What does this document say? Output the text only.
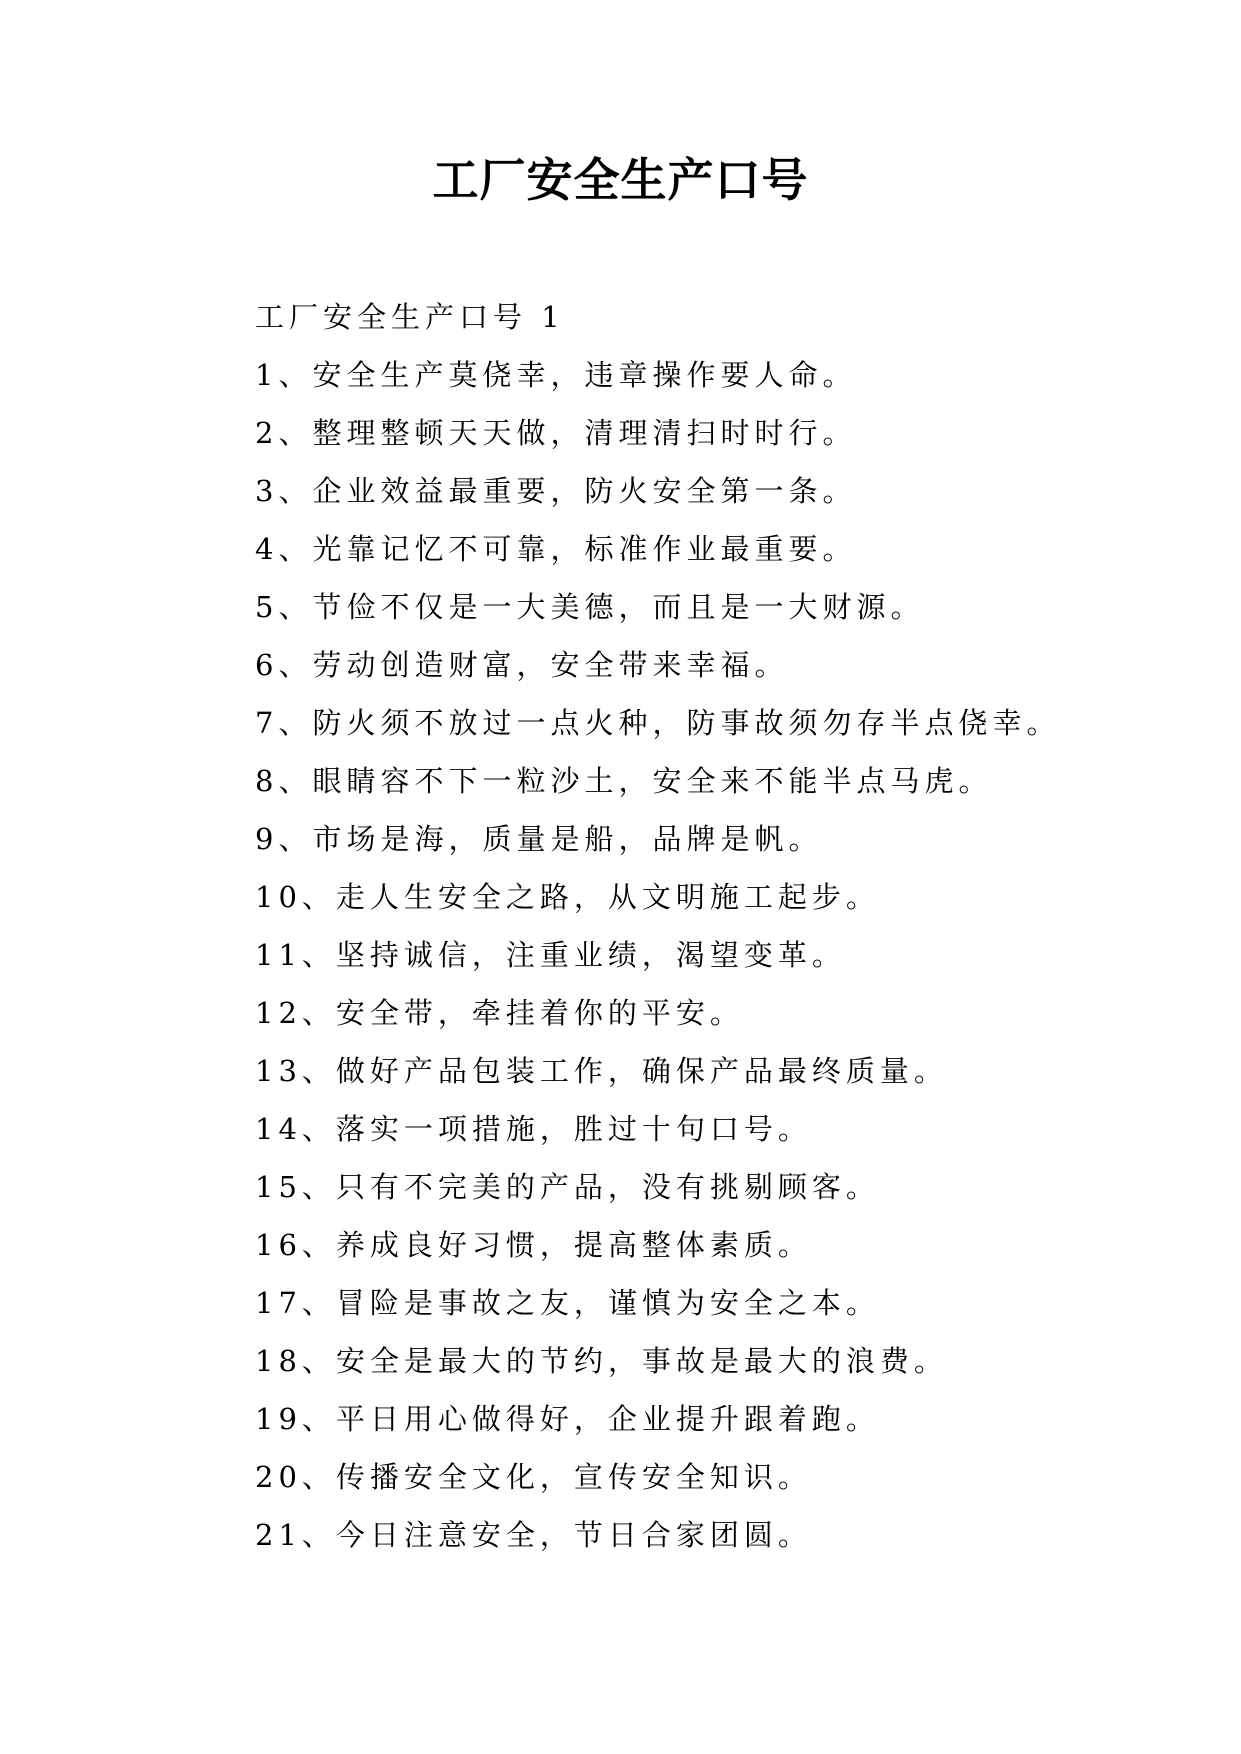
工厂安全生产口号
工厂安全生产口号 1
1、安全生产莫侥幸，违章操作要人命。
2、整理整顿天天做，清理清扫时时行。
3、企业效益最重要，防火安全第一条。
4、光靠记忆不可靠，标准作业最重要。
5、节俭不仅是一大美德，而且是一大财源。
6、劳动创造财富，安全带来幸福。
7、防火须不放过一点火种，防事故须勿存半点侥幸。
8、眼睛容不下一粒沙土，安全来不能半点马虎。
9、市场是海，质量是船，品牌是帆。
10、走人生安全之路，从文明施工起步。
11、坚持诚信，注重业绩，渴望变革。
12、安全带，牵挂着你的平安。
13、做好产品包装工作，确保产品最终质量。
14、落实一项措施，胜过十句口号。
15、只有不完美的产品，没有挑剔顾客。
16、养成良好习惯，提高整体素质。
17、冒险是事故之友，谨慎为安全之本。
18、安全是最大的节约，事故是最大的浪费。
19、平日用心做得好，企业提升跟着跑。
20、传播安全文化，宣传安全知识。
21、今日注意安全，节日合家团圆。
